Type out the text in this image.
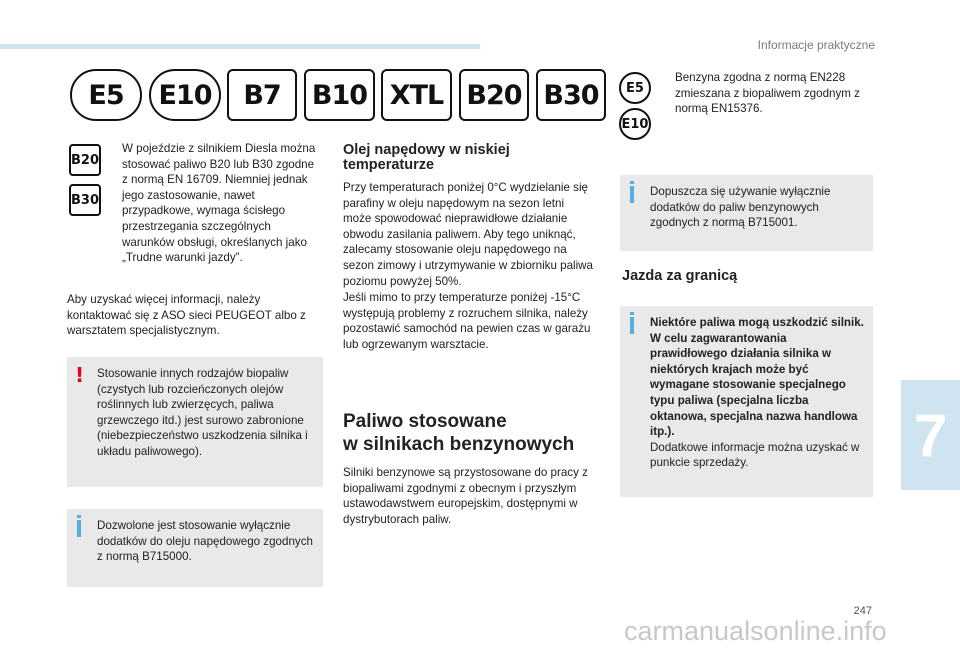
Informacje praktyczne
E5	E10	B7	B10 XTL B20 B30
B20
B30
W pojeździe z silnikiem Diesla można stosować paliwo B20 lub B30 zgodne z normą EN 16709. Niemniej jednak jego zastosowanie, nawet przypadkowe, wymaga ścisłego przestrzegania szczególnych warunków obsługi, określanych jako „Trudne warunki jazdy”.
Aby uzyskać więcej informacji, należy kontaktować się z ASO sieci PEUGEOT albo z warsztatem specjalistycznym.
! Stosowanie innych rodzajów biopaliw (czystych lub rozcieńczonych olejów roślinnych lub zwierzęcych, paliwa grzewczego itd.) jest surowo zabronione (niebezpieczeństwo uszkodzenia silnika i układu paliwowego).
Dozwolone jest stosowanie wyłącznie dodatków do oleju napędowego zgodnych z normą B715000.
Olej napędowy w niskiej temperaturze
Przy temperaturach poniżej 0°C wydzielanie się parafiny w oleju napędowym na sezon letni może spowodować nieprawidłowe działanie obwodu zasilania paliwem. Aby tego uniknąć, zalecamy stosowanie oleju napędowego na sezon zimowy i utrzymywanie w zbiorniku paliwa poziomu powyżej 50%.
Jeśli mimo to przy temperaturze poniżej -15°C występują problemy z rozruchem silnika, należy pozostawić samochód na pewien czas w garażu lub ogrzewanym warsztacie.
Paliwo stosowane
w silnikach benzynowych
Silniki benzynowe są przystosowane do pracy z biopaliwami zgodnymi z obecnym i przyszłym ustawodawstwem europejskim, dostępnymi w dystrybutorach paliw.
E5
E10
Benzyna zgodna z normą EN228 zmieszana z biopaliwem zgodnym z normą EN15376.
Dopuszcza się używanie wyłącznie dodatków do paliw benzynowych zgodnych z normą B715001.
Jazda za granicą
Niektóre paliwa mogą uszkodzić silnik. W celu zagwarantowania prawidłowego działania silnika w niektórych krajach może być wymagane stosowanie specjalnego typu paliwa (specjalna liczba oktanowa, specjalna nazwa handlowa itp.).
Dodatkowe informacje można uzyskać w punkcie sprzedaży.	7
247
carmanualsonline.info
